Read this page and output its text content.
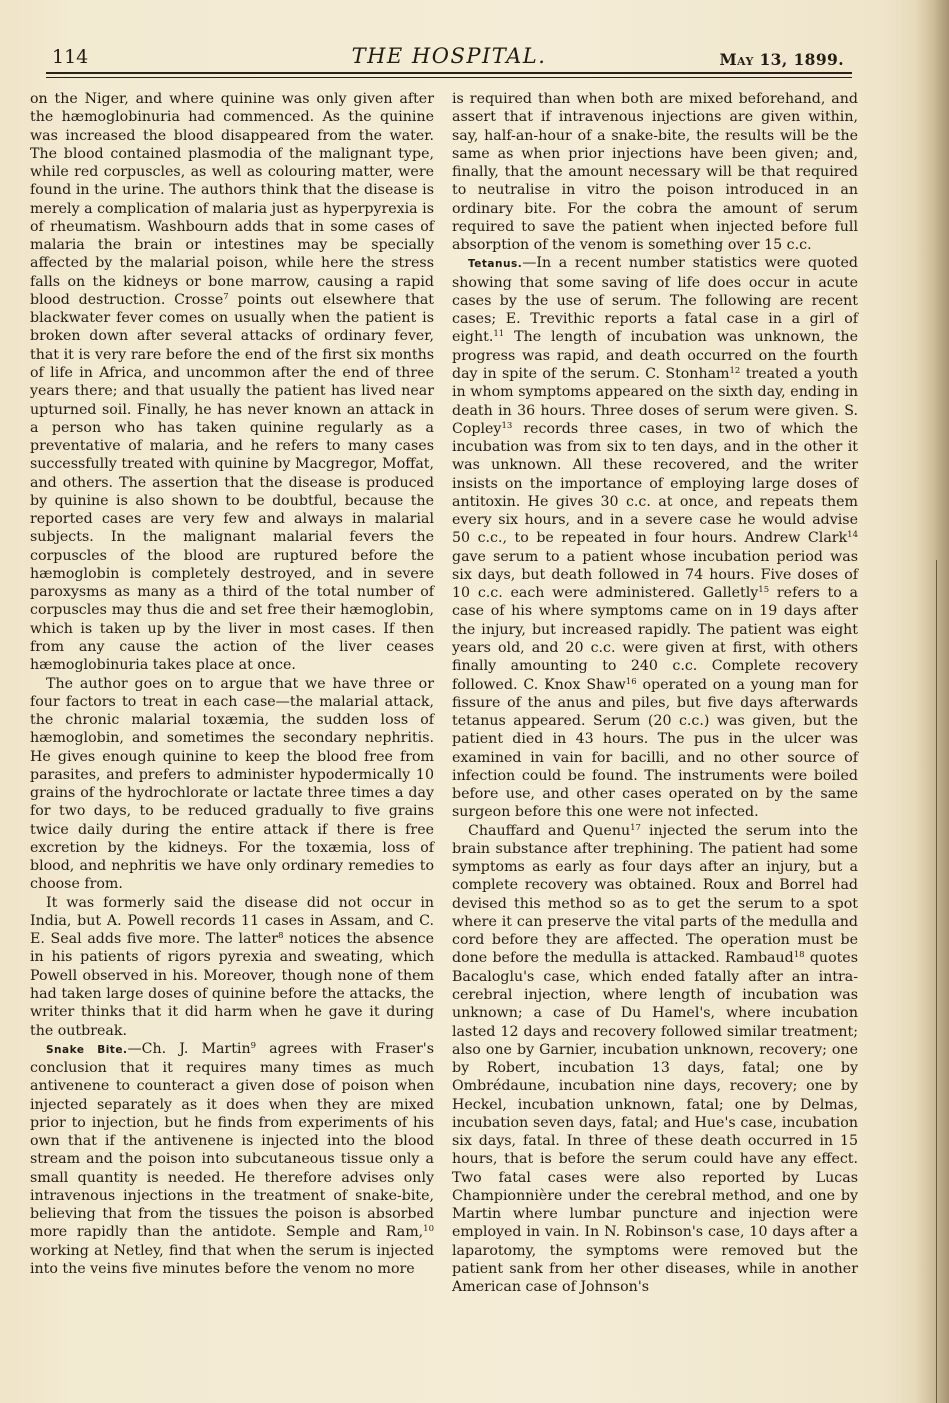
114	THE HOSPITAL.	May 13, 1899.

on the Niger, and where quinine was only given after the hæmoglobinuria had commenced. As the quinine was increased the blood disappeared from the water. The blood contained plasmodia of the malignant type, while red corpuscles, as well as colouring matter, were found in the urine. The authors think that the disease is merely a complication of malaria just as hyperpyrexia is of rheumatism. Washbourn adds that in some cases of malaria the brain or intestines may be specially affected by the malarial poison, while here the stress falls on the kidneys or bone marrow, causing a rapid blood destruction. Crosse$^7$ points out elsewhere that blackwater fever comes on usually when the patient is broken down after several attacks of ordinary fever, that it is very rare before the end of the first six months of life in Africa, and uncommon after the end of three years there; and that usually the patient has lived near upturned soil. Finally, he has never known an attack in a person who has taken quinine regularly as a preventative of malaria, and he refers to many cases successfully treated with quinine by Macgregor, Moffat, and others. The assertion that the disease is produced by quinine is also shown to be doubtful, because the reported cases are very few and always in malarial subjects. In the malignant malarial fevers the corpuscles of the blood are ruptured before the hæmoglobin is completely destroyed, and in severe paroxysms as many as a third of the total number of corpuscles may thus die and set free their hæmoglobin, which is taken up by the liver in most cases. If then from any cause the action of the liver ceases hæmoglobinuria takes place at once.

The author goes on to argue that we have three or four factors to treat in each case—the malarial attack, the chronic malarial toxæmia, the sudden loss of hæmoglobin, and sometimes the secondary nephritis. He gives enough quinine to keep the blood free from parasites, and prefers to administer hypodermically 10 grains of the hydrochlorate or lactate three times a day for two days, to be reduced gradually to five grains twice daily during the entire attack if there is free excretion by the kidneys. For the toxæmia, loss of blood, and nephritis we have only ordinary remedies to choose from.

It was formerly said the disease did not occur in India, but A. Powell records 11 cases in Assam, and C. E. Seal adds five more. The latter$^8$ notices the absence in his patients of rigors pyrexia and sweating, which Powell observed in his. Moreover, though none of them had taken large doses of quinine before the attacks, the writer thinks that it did harm when he gave it during the outbreak.

Snake Bite.—Ch. J. Martin$^9$ agrees with Fraser's conclusion that it requires many times as much antivenene to counteract a given dose of poison when injected separately as it does when they are mixed prior to injection, but he finds from experiments of his own that if the antivenene is injected into the blood stream and the poison into subcutaneous tissue only a small quantity is needed. He therefore advises only intravenous injections in the treatment of snake-bite, believing that from the tissues the poison is absorbed more rapidly than the antidote. Semple and Ram,$^{10}$ working at Netley, find that when the serum is injected into the veins five minutes before the venom no more

is required than when both are mixed beforehand, and assert that if intravenous injections are given within, say, half-an-hour of a snake-bite, the results will be the same as when prior injections have been given; and, finally, that the amount necessary will be that required to neutralise in vitro the poison introduced in an ordinary bite. For the cobra the amount of serum required to save the patient when injected before full absorption of the venom is something over 15 c.c.

Tetanus.—In a recent number statistics were quoted showing that some saving of life does occur in acute cases by the use of serum. The following are recent cases; E. Trevithic reports a fatal case in a girl of eight.$^{11}$ The length of incubation was unknown, the progress was rapid, and death occurred on the fourth day in spite of the serum. C. Stonham$^{12}$ treated a youth in whom symptoms appeared on the sixth day, ending in death in 36 hours. Three doses of serum were given. S. Copley$^{13}$ records three cases, in two of which the incubation was from six to ten days, and in the other it was unknown. All these recovered, and the writer insists on the importance of employing large doses of antitoxin. He gives 30 c.c. at once, and repeats them every six hours, and in a severe case he would advise 50 c.c., to be repeated in four hours. Andrew Clark$^{14}$ gave serum to a patient whose incubation period was six days, but death followed in 74 hours. Five doses of 10 c.c. each were administered. Galletly$^{15}$ refers to a case of his where symptoms came on in 19 days after the injury, but increased rapidly. The patient was eight years old, and 20 c.c. were given at first, with others finally amounting to 240 c.c. Complete recovery followed. C. Knox Shaw$^{16}$ operated on a young man for fissure of the anus and piles, but five days afterwards tetanus appeared. Serum (20 c.c.) was given, but the patient died in 43 hours. The pus in the ulcer was examined in vain for bacilli, and no other source of infection could be found. The instruments were boiled before use, and other cases operated on by the same surgeon before this one were not infected.

Chauffard and Quenu$^{17}$ injected the serum into the brain substance after trephining. The patient had some symptoms as early as four days after an injury, but a complete recovery was obtained. Roux and Borrel had devised this method so as to get the serum to a spot where it can preserve the vital parts of the medulla and cord before they are affected. The operation must be done before the medulla is attacked. Rambaud$^{18}$ quotes Bacaloglu's case, which ended fatally after an intra-cerebral injection, where length of incubation was unknown; a case of Du Hamel's, where incubation lasted 12 days and recovery followed similar treatment; also one by Garnier, incubation unknown, recovery; one by Robert, incubation 13 days, fatal; one by Ombrédaune, incubation nine days, recovery; one by Heckel, incubation unknown, fatal; one by Delmas, incubation seven days, fatal; and Hue's case, incubation six days, fatal. In three of these death occurred in 15 hours, that is before the serum could have any effect. Two fatal cases were also reported by Lucas Championnière under the cerebral method, and one by Martin where lumbar puncture and injection were employed in vain. In N. Robinson's case, 10 days after a laparotomy, the symptoms were removed but the patient sank from her other diseases, while in another American case of Johnson's
